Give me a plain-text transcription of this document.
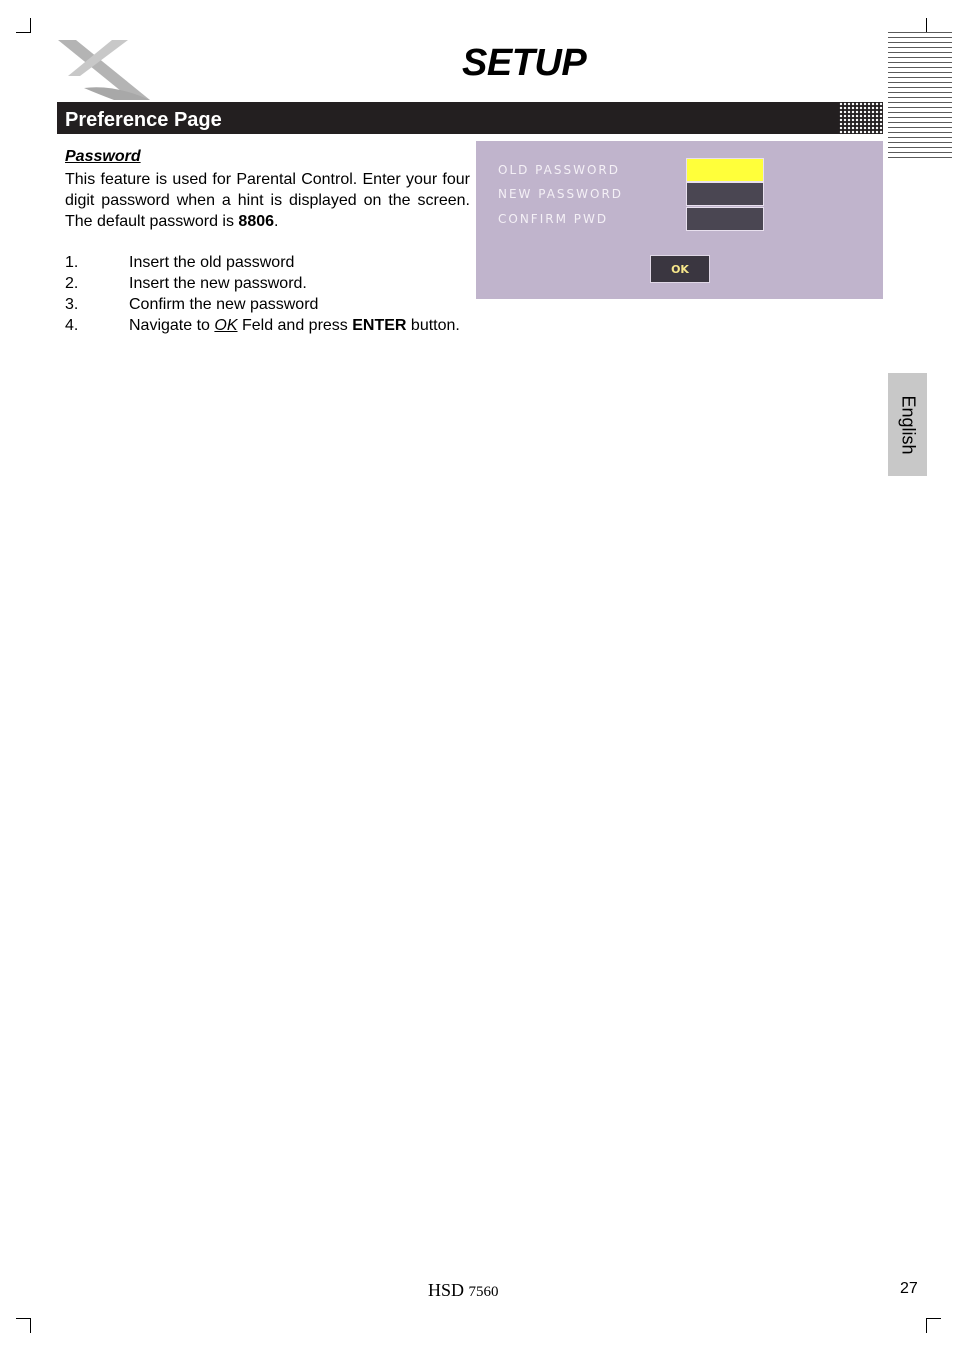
SETUP
Preference Page
Password
This feature is used for Parental Control. Enter your four digit password when a hint is displayed on the screen. The default password is 8806.
1.	Insert the old password
2.	Insert the new password.
3.	Confirm the new password
4.	Navigate to OK Feld and press ENTER button.
OLD PASSWORD
NEW PASSWORD
CONFIRM PWD
OK
English
HSD 7560	27
